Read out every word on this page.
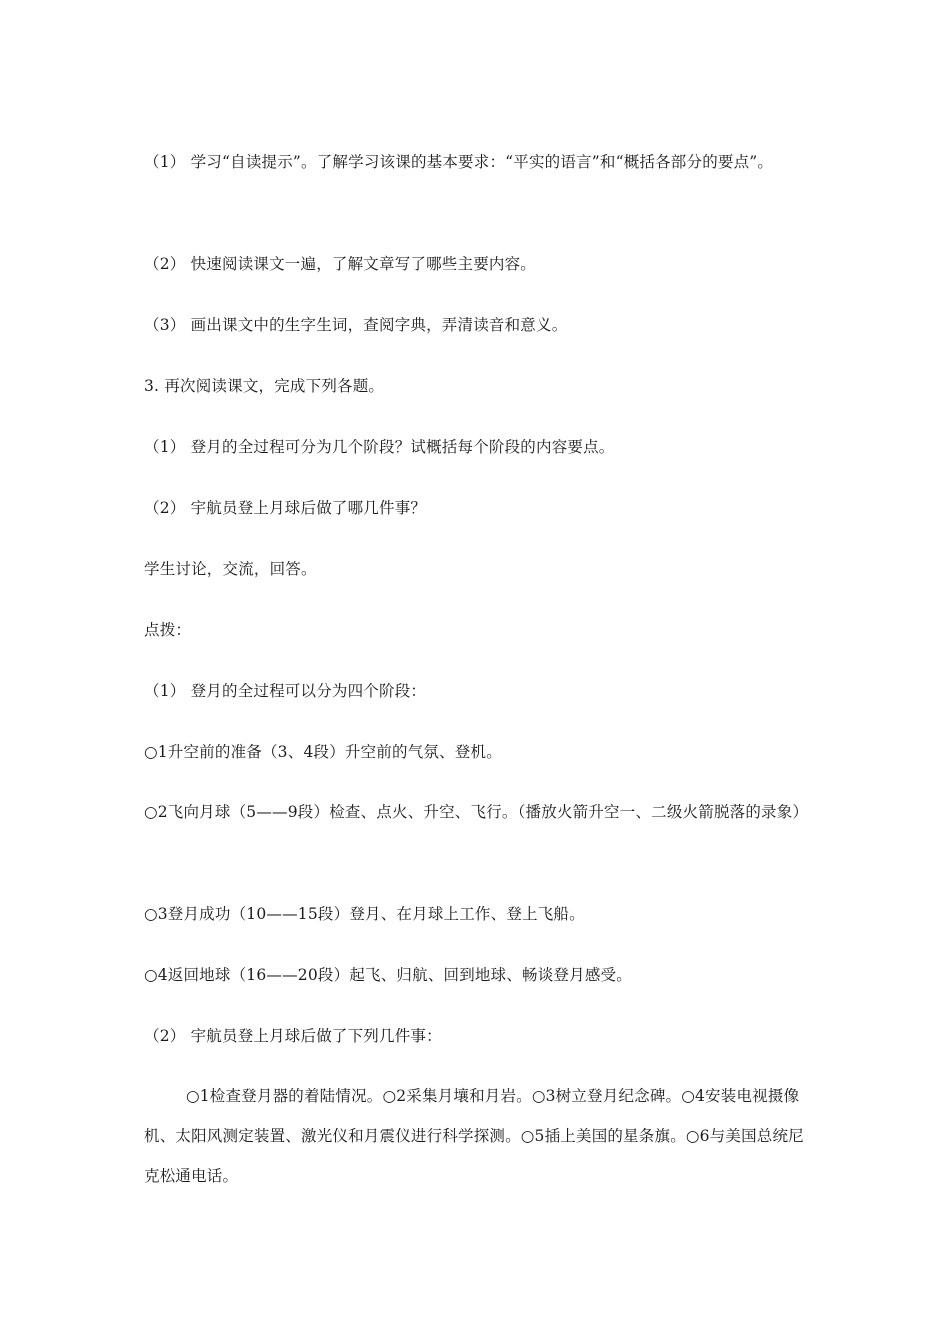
（1） 学习“自读提示”。了解学习该课的基本要求：“平实的语言”和“概括各部分的要点”。
（2） 快速阅读课文一遍，了解文章写了哪些主要内容。
（3） 画出课文中的生字生词，查阅字典，弄清读音和意义。
3. 再次阅读课文，完成下列各题。
（1） 登月的全过程可分为几个阶段？试概括每个阶段的内容要点。
（2） 宇航员登上月球后做了哪几件事？
学生讨论，交流，回答。
点拨：
（1） 登月的全过程可以分为四个阶段：
○1升空前的准备（3、4段）升空前的气氛、登机。
○2飞向月球（5——9段）检查、点火、升空、飞行。（播放火箭升空一、二级火箭脱落的录象）
○3登月成功（10——15段）登月、在月球上工作、登上飞船。
○4返回地球（16——20段）起飞、归航、回到地球、畅谈登月感受。
（2） 宇航员登上月球后做了下列几件事：
○1检查登月器的着陆情况。○2采集月壤和月岩。○3树立登月纪念碑。○4安装电视摄像机、太阳风测定装置、激光仪和月震仪进行科学探测。○5插上美国的星条旗。○6与美国总统尼克松通电话。
